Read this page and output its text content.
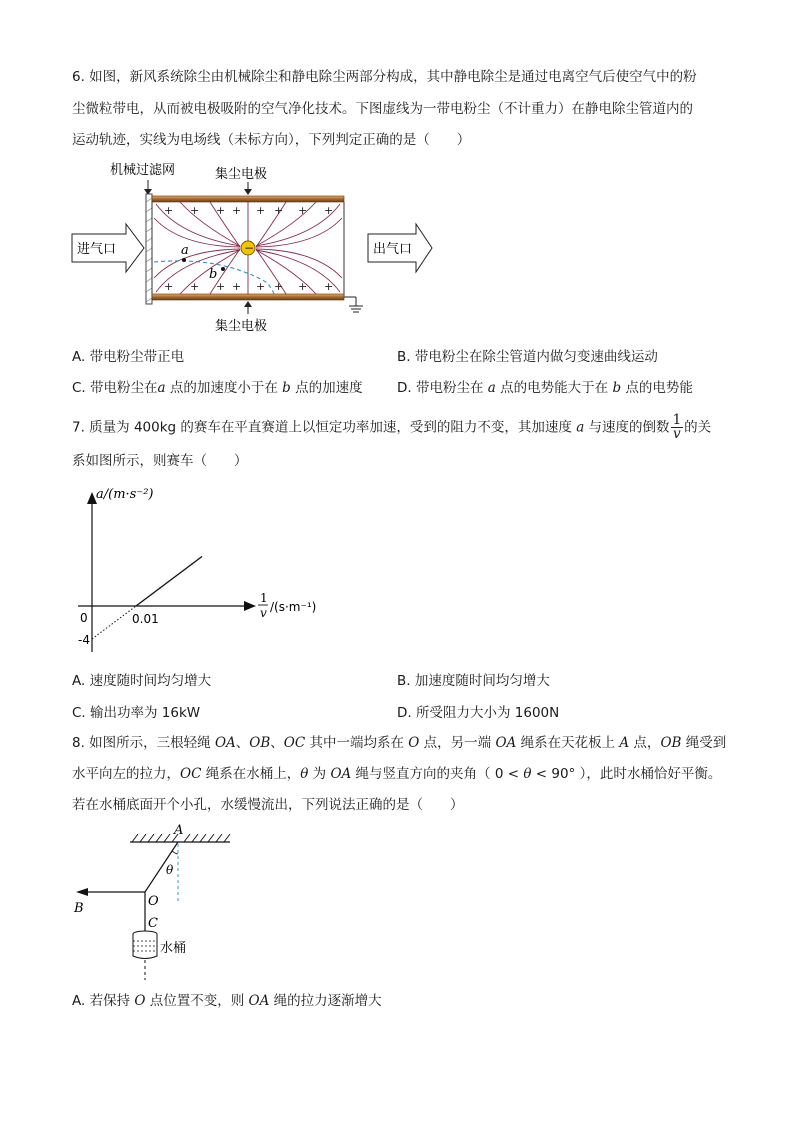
6. 如图，新风系统除尘由机械除尘和静电除尘两部分构成，其中静电除尘是通过电离空气后使空气中的粉
尘微粒带电，从而被电极吸附的空气净化技术。下图虚线为一带电粉尘（不计重力）在静电除尘管道内的
运动轨迹，实线为电场线（未标方向），下列判定正确的是（　　）
机械过滤网	集尘电极
集尘电极
+ + + + + + + +
+ + + + + + + +
−
a
b
进气口	出气口
A. 带电粉尘带正电	B. 带电粉尘在除尘管道内做匀变速曲线运动
C. 带电粉尘在a 点的加速度小于在 b 点的加速度	D. 带电粉尘在 a 点的电势能大于在 b 点的电势能
7. 质量为 400kg 的赛车在平直赛道上以恒定功率加速，受到的阻力不变，其加速度 a 与速度的倒数 $\frac{1}{v}$ 的关
系如图所示，则赛车（　　）
a/(m·s⁻²)
0	0.01
-4
1
v /(s·m⁻¹)
A. 速度随时间均匀增大	B. 加速度随时间均匀增大
C. 输出功率为 16kW	D. 所受阻力大小为 1600N
8. 如图所示，三根轻绳 OA、OB、OC 其中一端均系在 O 点，另一端 OA 绳系在天花板上 A 点，OB 绳受到
水平向左的拉力，OC 绳系在水桶上，θ 为 OA 绳与竖直方向的夹角（ 0 < θ < 90° ），此时水桶恰好平衡。
若在水桶底面开个小孔，水缓慢流出，下列说法正确的是（　　）
A
θ
B	O
C
水桶
A. 若保持 O 点位置不变，则 OA 绳的拉力逐渐增大
